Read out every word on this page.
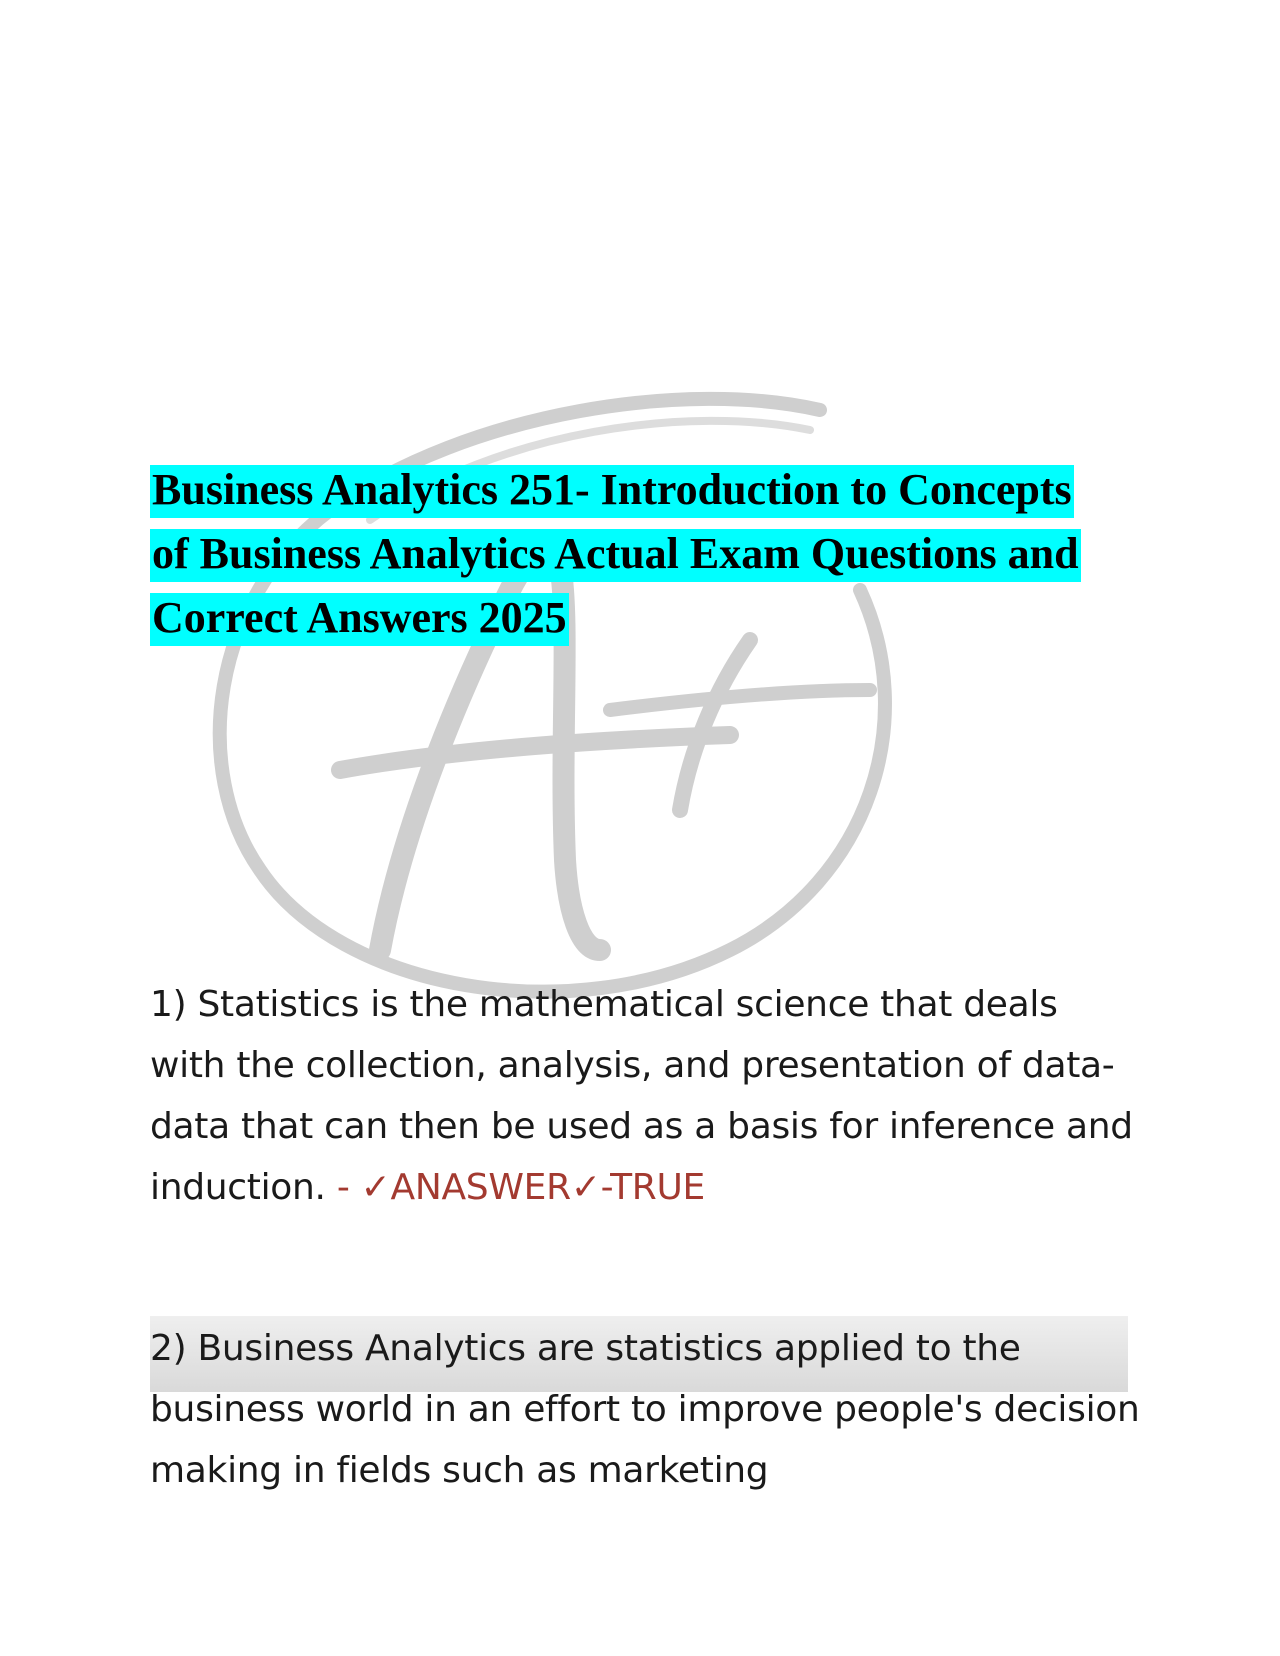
Business Analytics 251- Introduction to Concepts of Business Analytics Actual Exam Questions and Correct Answers 2025

1) Statistics is the mathematical science that deals with the collection, analysis, and presentation of data-data that can then be used as a basis for inference and induction. - ✓ANASWER✓-TRUE

2) Business Analytics are statistics applied to the business world in an effort to improve people's decision making in fields such as marketing
